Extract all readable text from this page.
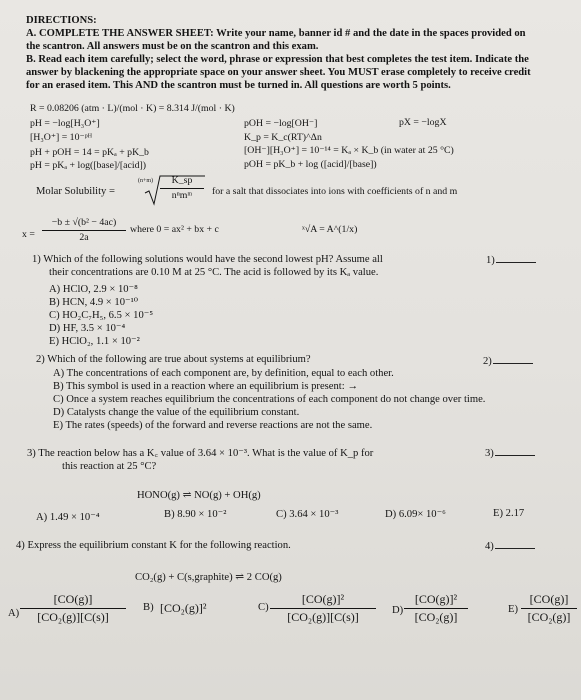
DIRECTIONS:
A. COMPLETE THE ANSWER SHEET: Write your name, banner id # and the date in the spaces provided on
the scantron. All answers must be on the scantron and this exam.
B. Read each item carefully; select the word, phrase or expression that best completes the test item. Indicate the
answer by blackening the appropriate space on your answer sheet. You MUST erase completely to receive credit
for an erased item. This AND the scantron must be turned in. All questions are worth 5 points.
R = 0.08206 (atm · L)/(mol · K) = 8.314 J/(mol · K)
pH = −log[H₃O⁺]
[H₃O⁺] = 10⁻ᵖᴴ
pH + pOH = 14 = pKₐ + pK_b
pH = pKₐ + log([base]/[acid])
pOH = −log[OH⁻]
K_p = K_c(RT)^Δn
[OH⁻][H₃O⁺] = 10⁻¹⁴ = Kₐ × K_b (in water at 25 °C)
pOH = pK_b + log ([acid]/[base])
pX = −logX
Molar Solubility =
(n+m)	K_sp
nⁿmᵐ	for a salt that dissociates into ions with coefficients of n and m
$x = \frac{\text{−b ± √(b² − 4ac)}}{2a}$ where 0 = ax² + bx + c	ˣ√A = A^(1/x)
1) Which of the following solutions would have the second lowest pH? Assume all	1)
their concentrations are 0.10 M at 25 °C. The acid is followed by its Kₐ value.
A) HClO, 2.9 × 10⁻⁸
B) HCN, 4.9 × 10⁻¹⁰
C) HO₂C₇H₅, 6.5 × 10⁻⁵
D) HF, 3.5 × 10⁻⁴
E) HClO₂, 1.1 × 10⁻²
2) Which of the following are true about systems at equilibrium?	2)
A) The concentrations of each component are, by definition, equal to each other.
B) This symbol is used in a reaction where an equilibrium is present: →
C) Once a system reaches equilibrium the concentrations of each component do not change over time.
D) Catalysts change the value of the equilibrium constant.
E) The rates (speeds) of the forward and reverse reactions are not the same.
3) The reaction below has a K꜀ value of 3.64 × 10⁻³. What is the value of K_p for	3)
this reaction at 25 °C?
HONO(g) ⇌ NO(g) + OH(g)
A) 1.49 × 10⁻⁴	B) 8.90 × 10⁻²	C) 3.64 × 10⁻³	D) 6.09× 10⁻⁶	E) 2.17
4) Express the equilibrium constant K for the following reaction.	4)
CO₂(g) + C(s,graphite) ⇌ 2 CO(g)
$A) \frac{[CO(g)]}{\text{[CO₂(g)][C(s)]}} B$) [CO₂(g)]²	$C) \frac{\text{[CO(g)]²}}{\text{[CO₂(g)][C(s)]}} D) \frac{\text{[CO(g)]²}}{\text{[CO₂(g)]}}$	$E) \frac{[CO(g)]}{\text{[CO₂(g)]}}$
